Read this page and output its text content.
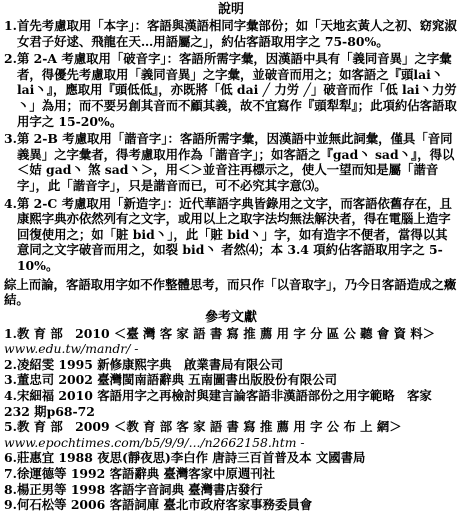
說明
1. 首先考慮取用「本字」：客語與漢語相同字彙部份；如「天地玄黃人之初、窈窕淑女君子好逑、飛龍在天…用語屬之」，約佔客語取用字之 75-80%。
2. 第 2-A 考慮取用「破音字」：客語所需字彙，因漢語中具有「義同音異」之字彙者，得優先考慮取用「義同音異」之字彙，並破音而用之；如客語之『頭lai丶lai丶』，應取用『頭低低』，亦既將「低 dai ╱ 力労 ╱」破音而作「低 lai丶力労丶」為用；而不要另創其音而不顧其義，故不宜寫作『頭犁犁』；此項約佔客語取用字之 15-20%。
3. 第 2-B 考慮取用「諧音字」：客語所需字彙，因漢語中並無此詞彙，僅具「音同義異」之字彙者，得考慮取用作為「諧音字」；如客語之『gad丶 sad丶』，得以＜姞 gad丶 煞 sad丶＞，用＜＞並音注再標示之，使人一望而知是屬「諧音字」，此「諧音字」，只是諧音而已，可不必究其字意⑶。
4. 第 2-C 考慮取用「新造字」：近代華語字典皆錄用之文字，而客語依舊存在，且康熙字典亦依然列有之文字，或用以上之取字法均無法解決者，得在電腦上造字回復使用之；如「賍 bid丶」，此「賍 bid丶」字，如有造字不便者，當得以其意同之文字破音而用之，如裂 bid丶 者然⑷；本 3.4 項約佔客語取用字之 5-10%。
綜上而論，客語取用字如不作整體思考，而只作「以音取字」，乃今日客語造成之癥結。
參考文獻
1.教 育 部　2010 ＜臺 灣 客 家 語 書 寫 推 薦 用 字 分 區 公 聽 會 資 料＞
www.edu.tw/mandr/ -
2.凌紹雯 1995 新修康熙字典　啟業書局有限公司
3.董忠司 2002 臺灣閩南語辭典 五南圖書出版股份有限公司
4.宋細福 2010 客語用字之再檢討與建言論客語非漢語部份之用字範略　客家 232 期p68-72
5.教 育 部　2009 ＜教 育 部 客 家 語 書 寫 推 薦 用 字 公 布 上 網＞
www.epochtimes.com/b5/9/9/.../n2662158.htm -
6.莊惠宜 1988 夜思(靜夜思)李白作 唐詩三百首普及本 文國書局
7.徐運德等 1992 客語辭典 臺灣客家中原週刊社
8.楊正男等 1998 客語字音詞典 臺灣書店發行
9.何石松等 2006 客語詞庫 臺北市政府客家事務委員會
